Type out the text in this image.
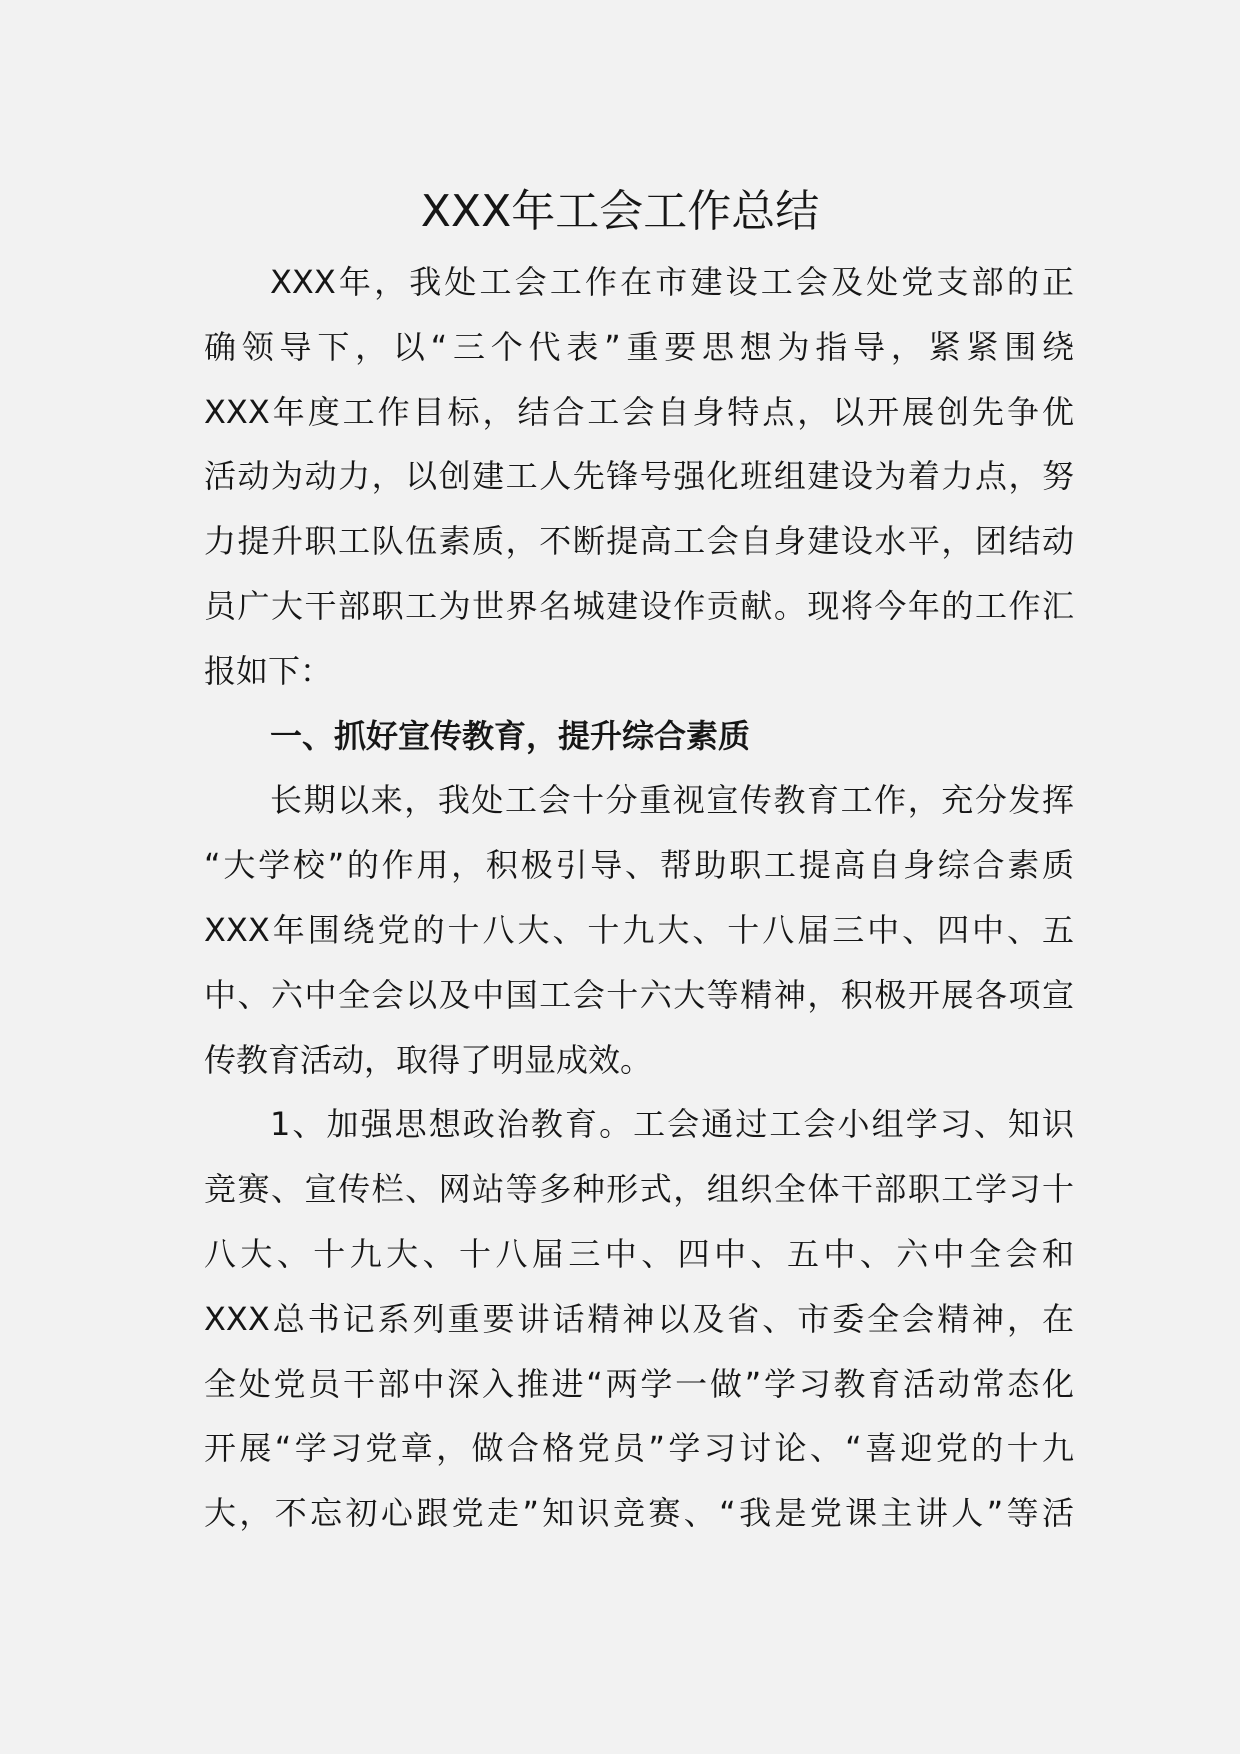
XXX年工会工作总结
XXX年，我处工会工作在市建设工会及处党支部的正
确领导下，以“三个代表”重要思想为指导，紧紧围绕
XXX年度工作目标，结合工会自身特点，以开展创先争优
活动为动力，以创建工人先锋号强化班组建设为着力点，努
力提升职工队伍素质，不断提高工会自身建设水平，团结动
员广大干部职工为世界名城建设作贡献。现将今年的工作汇
报如下：
一、抓好宣传教育，提升综合素质
长期以来，我处工会十分重视宣传教育工作，充分发挥
“大学校”的作用，积极引导、帮助职工提高自身综合素质
XXX年围绕党的十八大、十九大、十八届三中、四中、五
中、六中全会以及中国工会十六大等精神，积极开展各项宣
传教育活动，取得了明显成效。
1、加强思想政治教育。工会通过工会小组学习、知识
竞赛、宣传栏、网站等多种形式，组织全体干部职工学习十
八大、十九大、十八届三中、四中、五中、六中全会和
XXX总书记系列重要讲话精神以及省、市委全会精神，在
全处党员干部中深入推进“两学一做”学习教育活动常态化
开展“学习党章，做合格党员”学习讨论、“喜迎党的十九
大，不忘初心跟党走”知识竞赛、“我是党课主讲人”等活
